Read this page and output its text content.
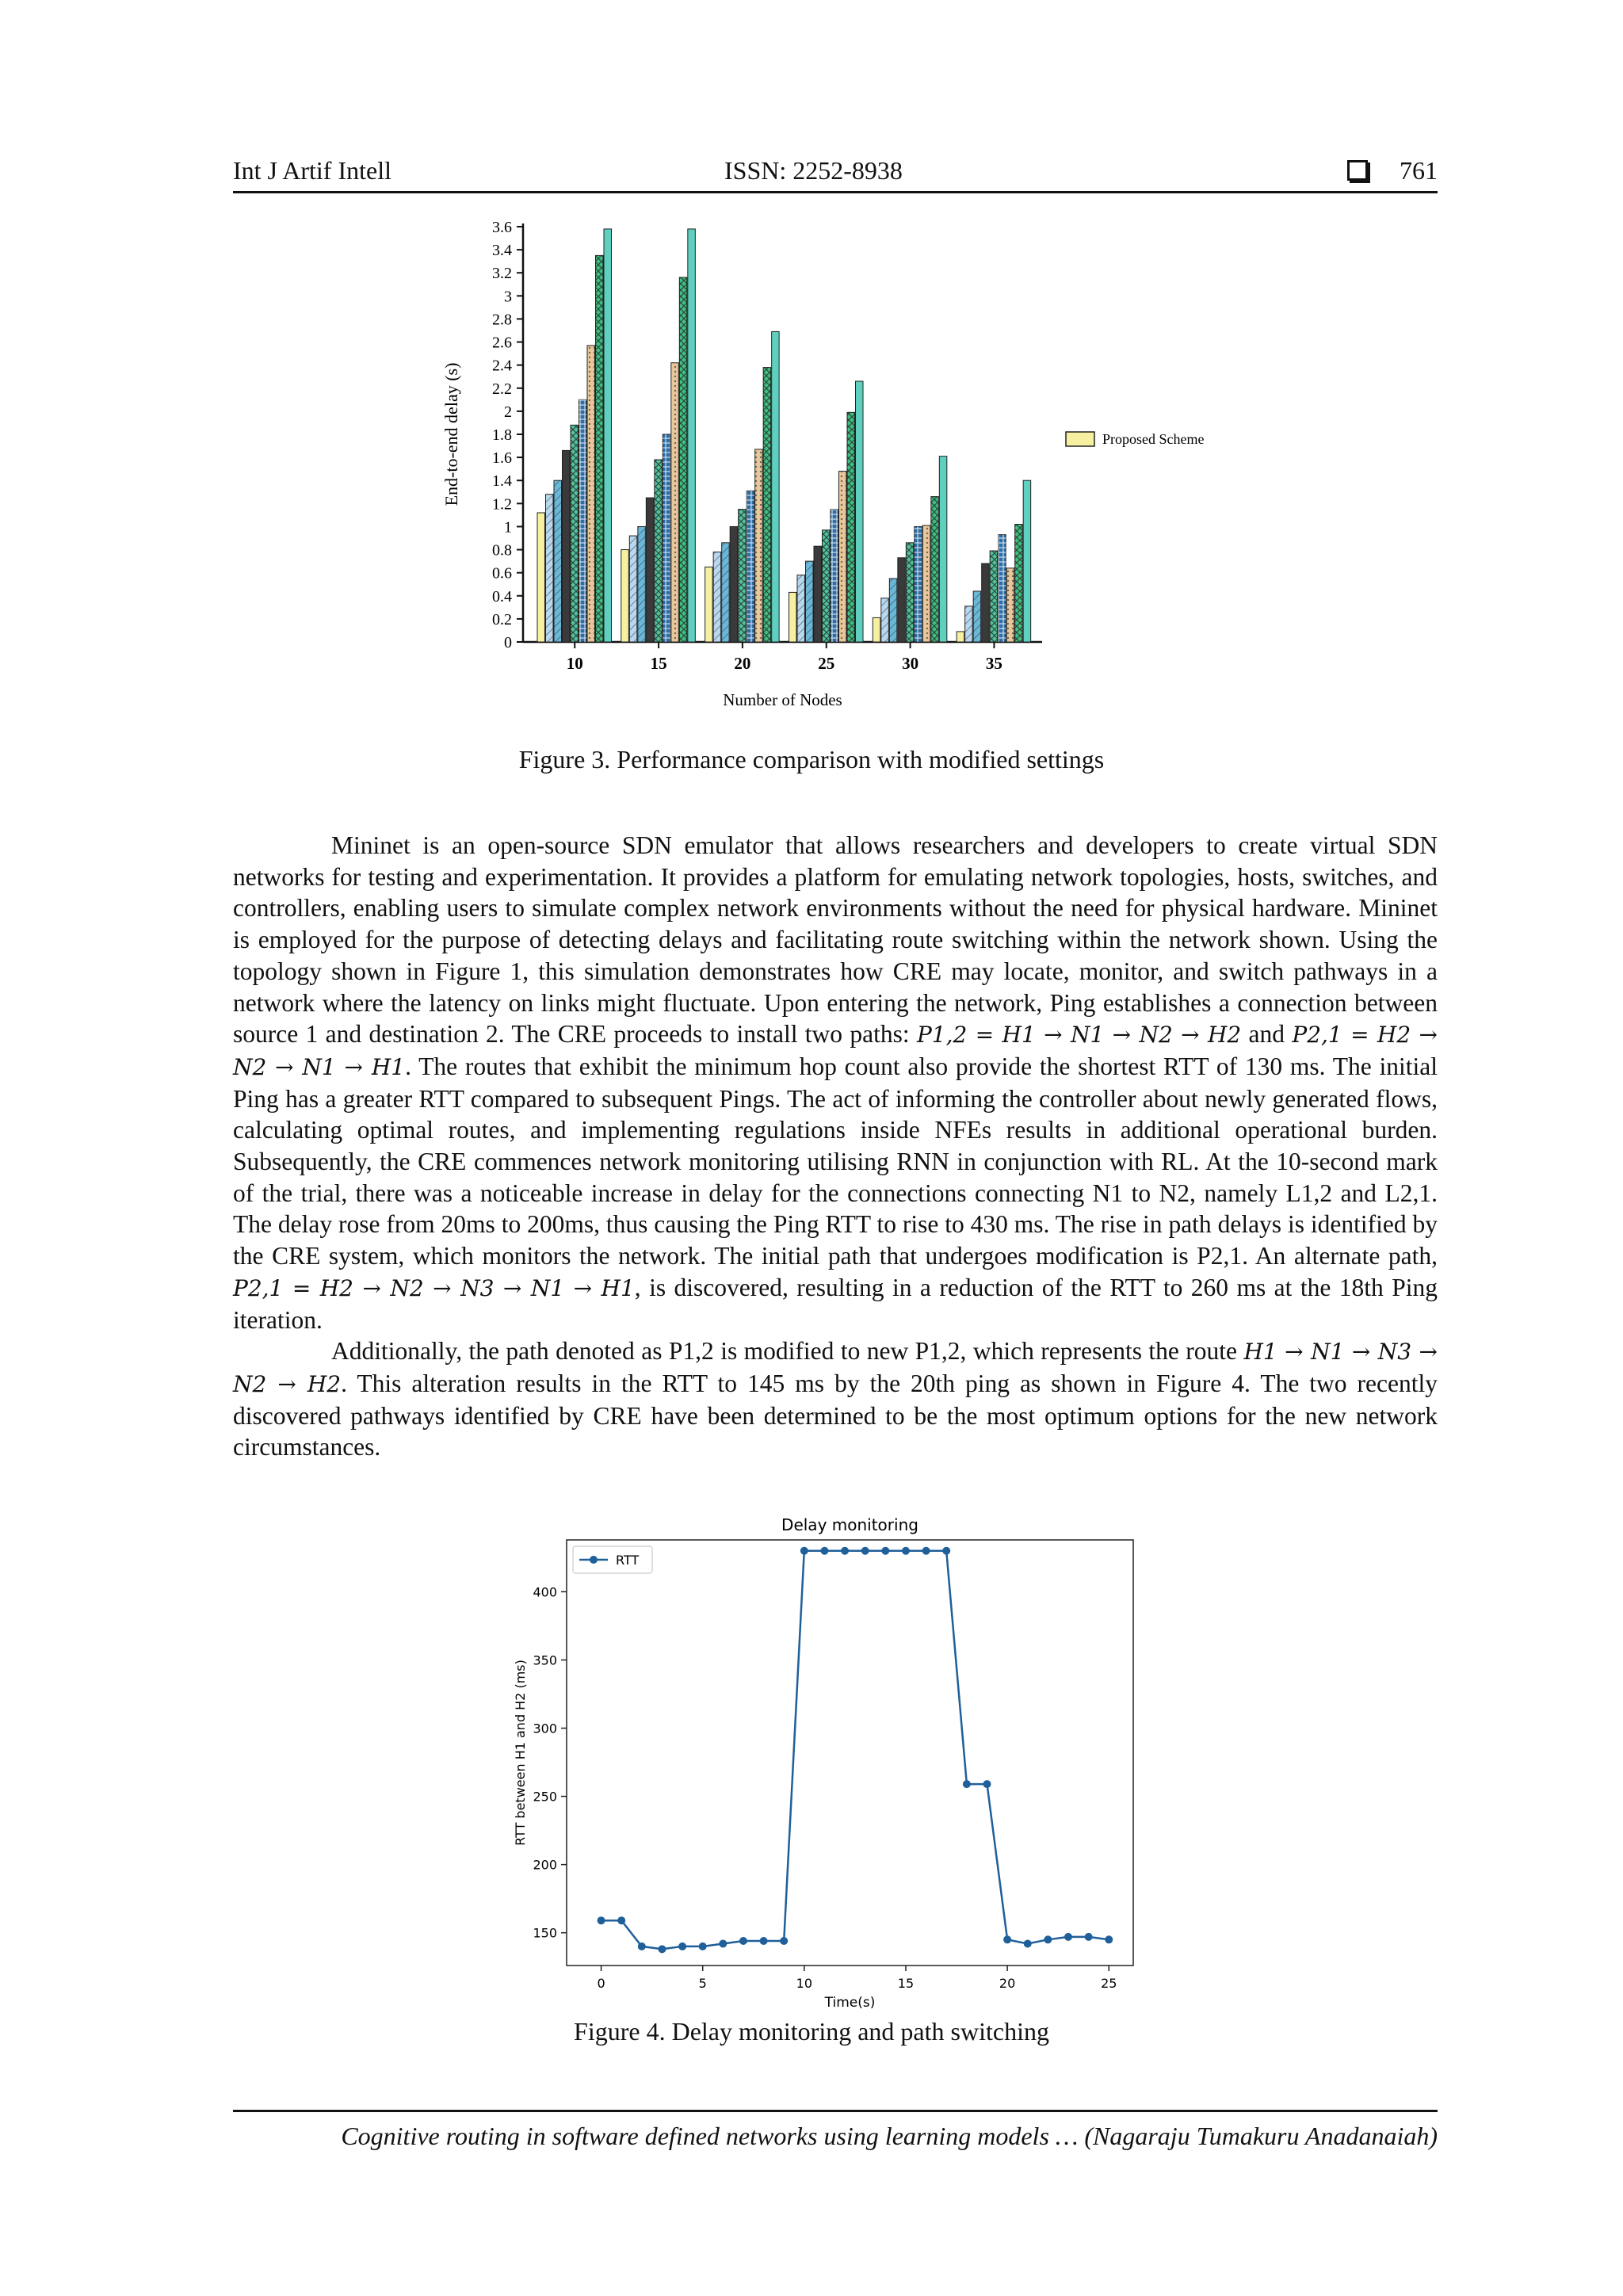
Int J Artif Intell	ISSN: 2252-8938	761
0
0.2
0.4
0.6
0.8
1
1.2
1.4
1.6
1.8
2
2.2
2.4
2.6
2.8
3
3.2
3.4
3.6
End-to-end delay (s)
10	15	20	25	30	35
Number of Nodes
Proposed Scheme
Figure 3. Performance comparison with modified settings

Mininet is an open-source SDN emulator that allows researchers and developers to create virtual SDN networks for testing and experimentation. It provides a platform for emulating network topologies, hosts, switches, and controllers, enabling users to simulate complex network environments without the need for physical hardware. Mininet is employed for the purpose of detecting delays and facilitating route switching within the network shown. Using the topology shown in Figure 1, this simulation demonstrates how CRE may locate, monitor, and switch pathways in a network where the latency on links might fluctuate. Upon entering the network, Ping establishes a connection between source 1 and destination 2. The CRE proceeds to install two paths: P1,2 = H1 → N1 → N2 → H2 and P2,1 = H2 → N2 → N1 → H1. The routes that exhibit the minimum hop count also provide the shortest RTT of 130 ms. The initial Ping has a greater RTT compared to subsequent Pings. The act of informing the controller about newly generated flows, calculating optimal routes, and implementing regulations inside NFEs results in additional operational burden. Subsequently, the CRE commences network monitoring utilising RNN in conjunction with RL. At the 10-second mark of the trial, there was a noticeable increase in delay for the connections connecting N1 to N2, namely L1,2 and L2,1. The delay rose from 20ms to 200ms, thus causing the Ping RTT to rise to 430 ms. The rise in path delays is identified by the CRE system, which monitors the network. The initial path that undergoes modification is P2,1. An alternate path, P2,1 = H2 → N2 → N3 → N1 → H1, is discovered, resulting in a reduction of the RTT to 260 ms at the 18th Ping iteration.

Additionally, the path denoted as P1,2 is modified to new P1,2, which represents the route H1 → N1 → N3 → N2 → H2. This alteration results in the RTT to 145 ms by the 20th ping as shown in Figure 4. The two recently discovered pathways identified by CRE have been determined to be the most optimum options for the new network circumstances.

Delay monitoring
150
200
250
300
350
400
0	5	10	15	20	25
Time(s)
RTT between H1 and H2 (ms)
RTT
Figure 4. Delay monitoring and path switching
Cognitive routing in software defined networks using learning models … (Nagaraju Tumakuru Anadanaiah)
